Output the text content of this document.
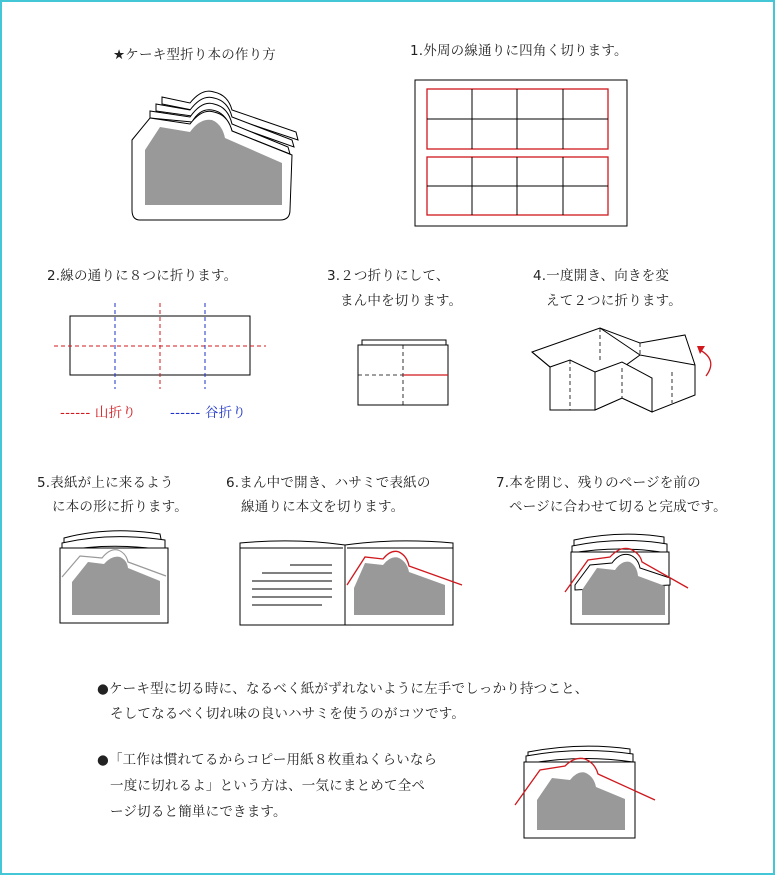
★ケーキ型折り本の作り方	1.外周の線通りに四角く切ります。

2.線の通りに８つに折ります。	3.２つ折りにして、

まん中を切ります。

4.一度開き、向きを変

えて２つに折ります。

------ 山折り	------ 谷折り

5.表紙が上に来るよう

に本の形に折ります。

6.まん中で開き、ハサミで表紙の

線通りに本文を切ります。

7.本を閉じ、残りのページを前の

ページに合わせて切ると完成です。

●ケーキ型に切る時に、なるべく紙がずれないように左手でしっかり持つこと、

そしてなるべく切れ味の良いハサミを使うのがコツです。

●「工作は慣れてるからコピー用紙８枚重ねくらいなら

一度に切れるよ」という方は、一気にまとめて全ペ

ージ切ると簡単にできます。
